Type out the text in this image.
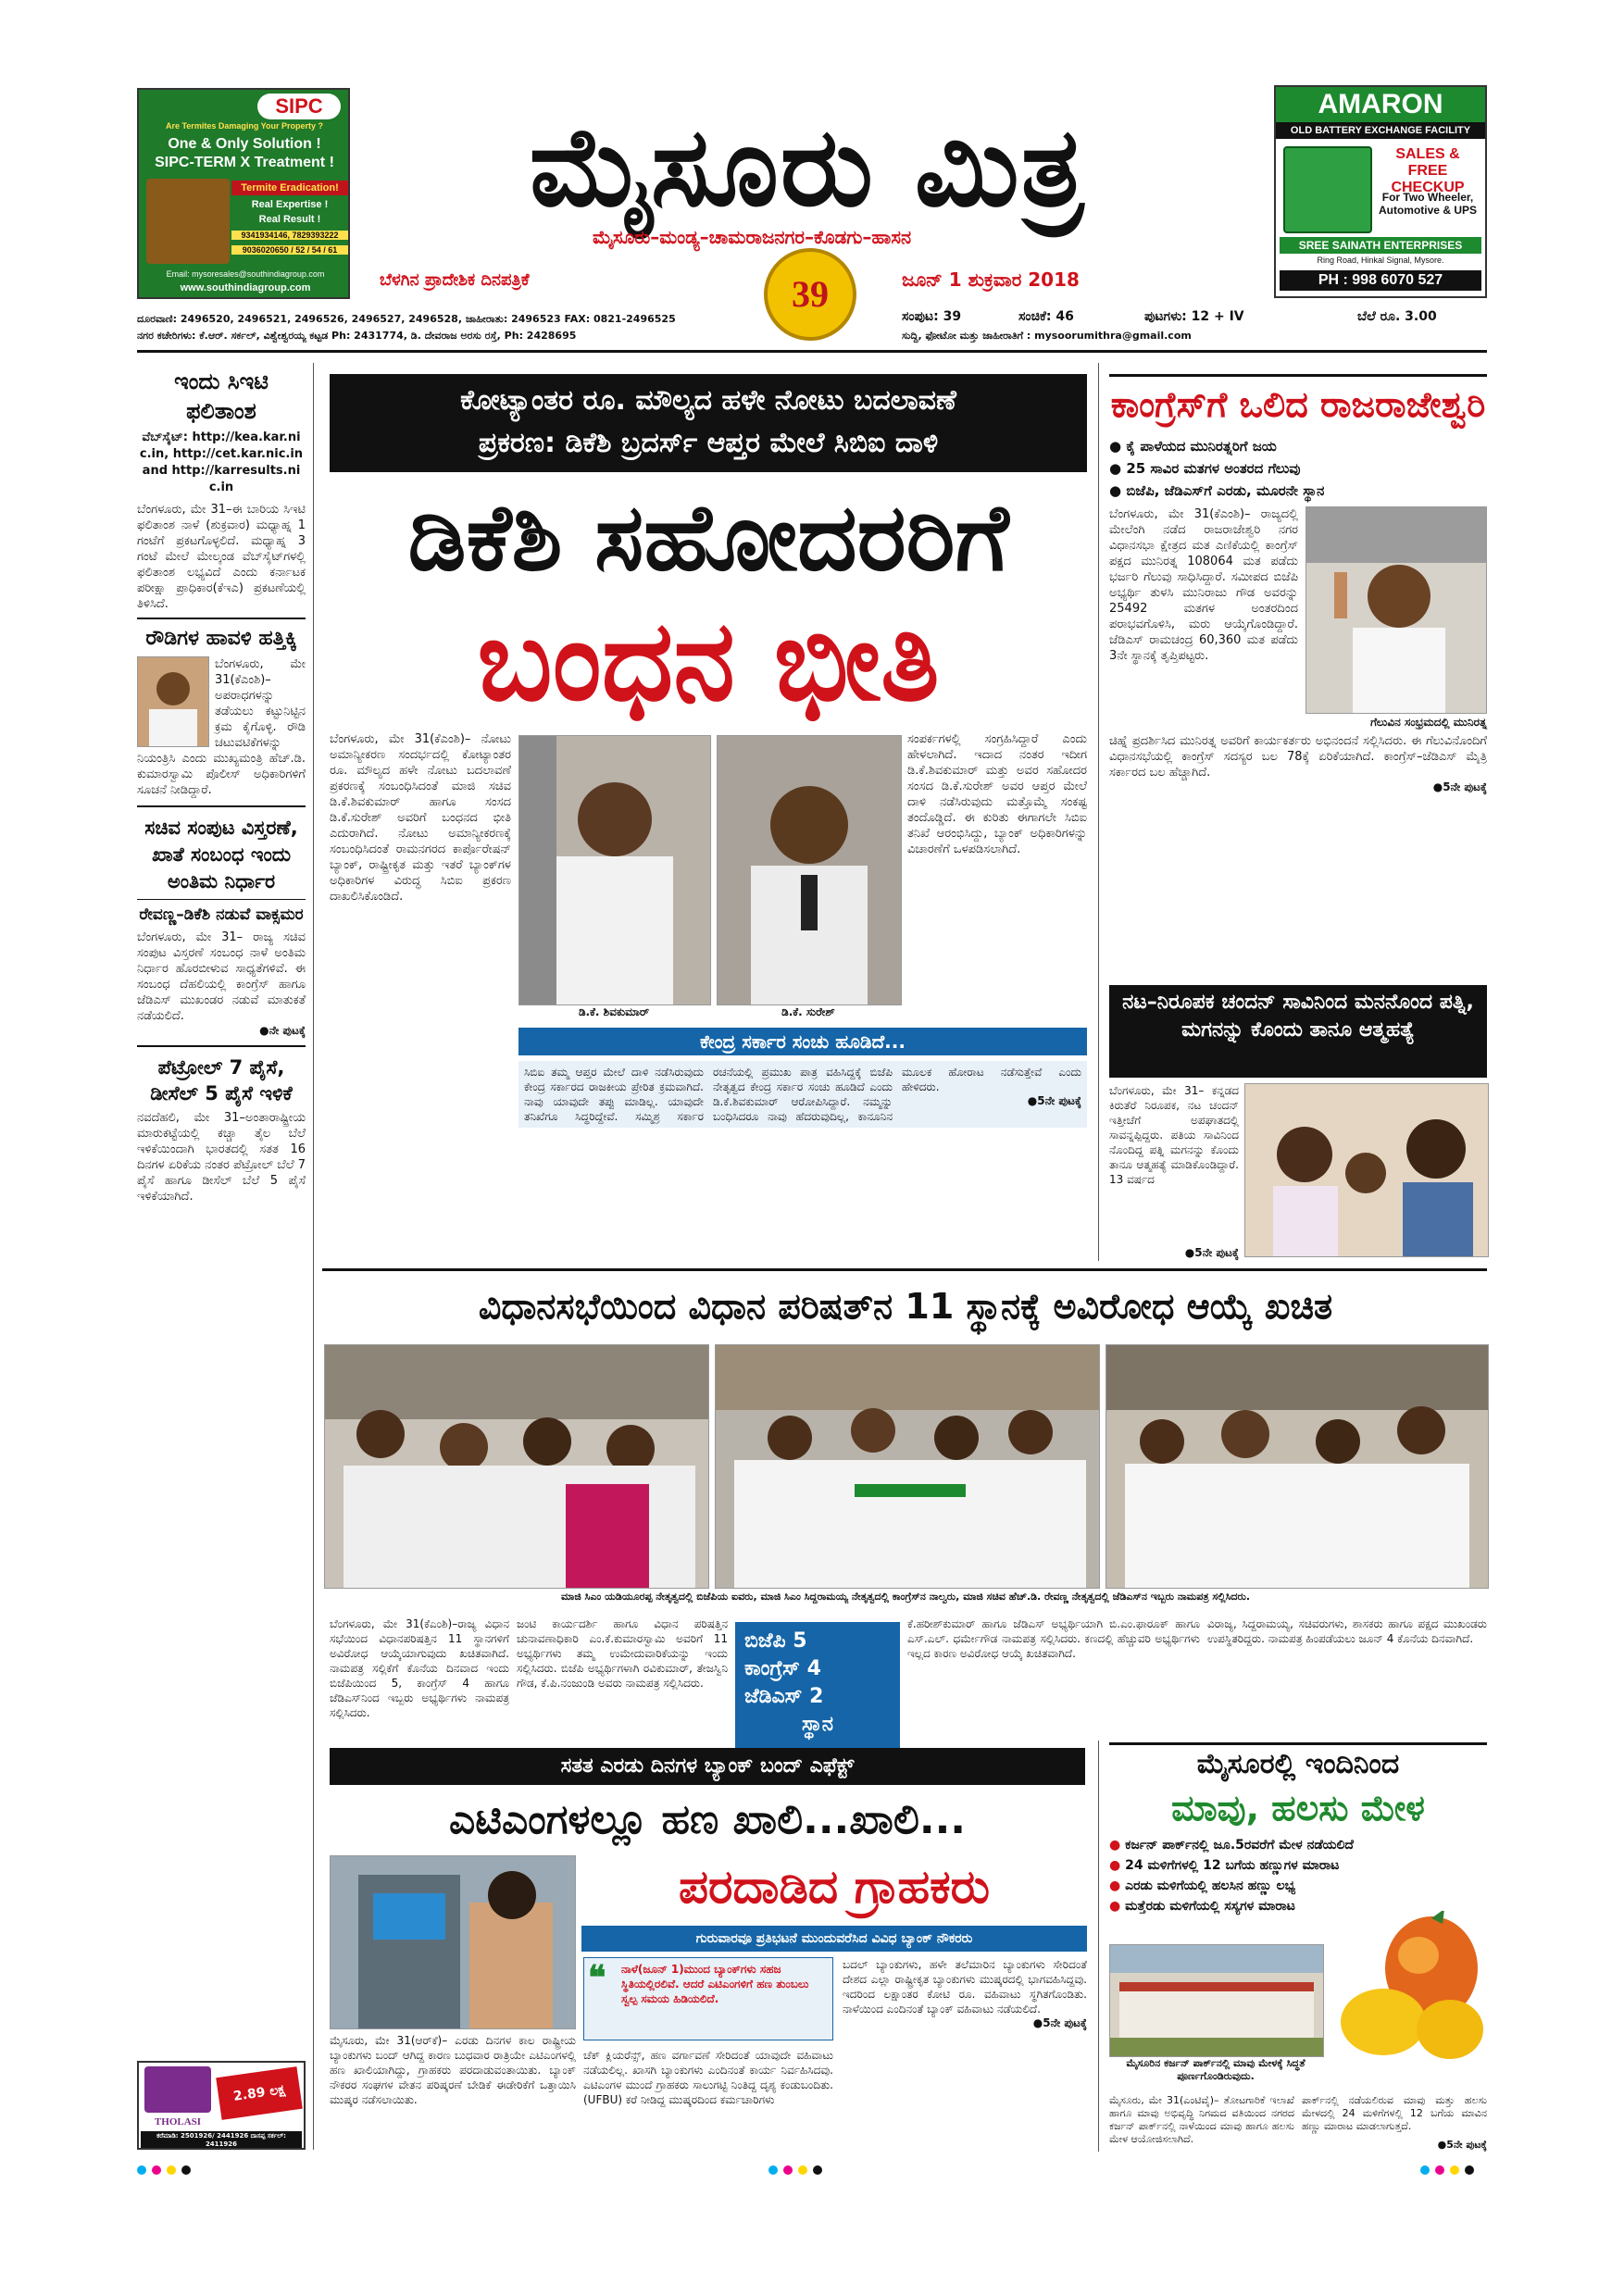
SIPC
Are Termites Damaging Your Property ?
One & Only Solution !
SIPC-TERM X Treatment !
Termite Eradication!
Real Expertise !
Real Result !
9341934146, 7829393222
9036020650 / 52 / 54 / 61
Email: mysoresales@southindiagroup.com
www.southindiagroup.com
ಮೈಸೂರು ಮಿತ್ರ
ಮೈಸೂರು–ಮಂಡ್ಯ–ಚಾಮರಾಜನಗರ–ಕೊಡಗು–ಹಾಸನ
ಬೆಳಗಿನ ಪ್ರಾದೇಶಿಕ ದಿನಪತ್ರಿಕೆ	39	ಜೂನ್ 1 ಶುಕ್ರವಾರ 2018
AMARON
OLD BATTERY EXCHANGE FACILITY
SALES & FREE CHECKUP
For Two Wheeler, Automotive & UPS
SREE SAINATH ENTERPRISES
Ring Road, Hinkal Signal, Mysore.
PH : 998 6070 527
ದೂರವಾಣಿ: 2496520, 2496521, 2496526, 2496527, 2496528, ಜಾಹೀರಾತು: 2496523 FAX: 0821-2496525
ನಗರ ಕಚೇರಿಗಳು: ಕೆ.ಆರ್. ಸರ್ಕಲ್, ವಿಶ್ವೇಶ್ವರಯ್ಯ ಕಟ್ಟಡ Ph: 2431774, ಡಿ. ದೇವರಾಜ ಅರಸು ರಸ್ತೆ, Ph: 2428695
ಸಂಪುಟ: 39	ಸಂಚಿಕೆ: 46	ಪುಟಗಳು: 12 + IV	ಬೆಲೆ ರೂ. 3.00
ಸುದ್ದಿ, ಫೋಟೋ ಮತ್ತು ಜಾಹೀರಾತಿಗೆ : mysoorumithra@gmail.com
ಇಂದು ಸಿಇಟಿ ಫಲಿತಾಂಶ
ವೆಬ್‌ಸೈಟ್: http://kea.kar.nic.in, http://cet.kar.nic.in and http://karresults.nic.in
ಬೆಂಗಳೂರು, ಮೇ 31–ಈ ಬಾರಿಯ ಸಿಇಟಿ ಫಲಿತಾಂಶ ನಾಳೆ (ಶುಕ್ರವಾರ) ಮಧ್ಯಾಹ್ನ 1 ಗಂಟೆಗೆ ಪ್ರಕಟಗೊಳ್ಳಲಿದೆ. ಮಧ್ಯಾಹ್ನ 3 ಗಂಟೆ ಮೇಲೆ ಮೇಲ್ಕಂಡ ವೆಬ್‌ಸೈಟ್‌ಗಳಲ್ಲಿ ಫಲಿತಾಂಶ ಲಭ್ಯವಿದೆ ಎಂದು ಕರ್ನಾಟಕ ಪರೀಕ್ಷಾ ಪ್ರಾಧಿಕಾರ(ಕೆಇಎ) ಪ್ರಕಟಣೆಯಲ್ಲಿ ತಿಳಿಸಿದೆ.
ರೌಡಿಗಳ ಹಾವಳಿ ಹತ್ತಿಕ್ಕಿ
ಬೆಂಗಳೂರು, ಮೇ 31(ಕೆಎಂಶಿ)– ಅಪರಾಧಗಳನ್ನು ತಡೆಯಲು ಕಟ್ಟುನಿಟ್ಟಿನ ಕ್ರಮ ಕೈಗೊಳ್ಳಿ. ರೌಡಿ ಚಟುವಟಿಕೆಗಳನ್ನು ನಿಯಂತ್ರಿಸಿ ಎಂದು ಮುಖ್ಯಮಂತ್ರಿ ಹೆಚ್.ಡಿ. ಕುಮಾರಸ್ವಾಮಿ ಪೊಲೀಸ್ ಅಧಿಕಾರಿಗಳಿಗೆ ಸೂಚನೆ ನೀಡಿದ್ದಾರೆ.
ಸಚಿವ ಸಂಪುಟ ವಿಸ್ತರಣೆ, ಖಾತೆ ಸಂಬಂಧ ಇಂದು ಅಂತಿಮ ನಿರ್ಧಾರ
ರೇವಣ್ಣ–ಡಿಕೆಶಿ ನಡುವೆ ವಾಕ್ಸಮರ
ಬೆಂಗಳೂರು, ಮೇ 31– ರಾಜ್ಯ ಸಚಿವ ಸಂಪುಟ ವಿಸ್ತರಣೆ ಸಂಬಂಧ ನಾಳೆ ಅಂತಿಮ ನಿರ್ಧಾರ ಹೊರಬೀಳುವ ಸಾಧ್ಯತೆಗಳಿವೆ. ಈ ಸಂಬಂಧ ದೆಹಲಿಯಲ್ಲಿ ಕಾಂಗ್ರೆಸ್ ಹಾಗೂ ಜೆಡಿಎಸ್ ಮುಖಂಡರ ನಡುವೆ ಮಾತುಕತೆ ನಡೆಯಲಿದೆ.
●ನೇ ಪುಟಕ್ಕೆ
ಪೆಟ್ರೋಲ್ 7 ಪೈಸೆ, ಡೀಸೆಲ್ 5 ಪೈಸೆ ಇಳಿಕೆ
ನವದೆಹಲಿ, ಮೇ 31–ಅಂತಾರಾಷ್ಟ್ರೀಯ ಮಾರುಕಟ್ಟೆಯಲ್ಲಿ ಕಚ್ಚಾ ತೈಲ ಬೆಲೆ ಇಳಿಕೆಯಿಂದಾಗಿ ಭಾರತದಲ್ಲಿ ಸತತ 16 ದಿನಗಳ ಏರಿಕೆಯ ನಂತರ ಪೆಟ್ರೋಲ್ ಬೆಲೆ 7 ಪೈಸೆ ಹಾಗೂ ಡೀಸೆಲ್ ಬೆಲೆ 5 ಪೈಸೆ ಇಳಿಕೆಯಾಗಿದೆ.
THOLASI
2.89 ಲಕ್ಷ
ಕರೆಮಾಡಿ: 2501926/ 2441926 ದಾಸಪ್ಪ ಸರ್ಕಲ್: 2411926
ಕೋಟ್ಯಾಂತರ ರೂ. ಮೌಲ್ಯದ ಹಳೇ ನೋಟು ಬದಲಾವಣೆ
ಪ್ರಕರಣ: ಡಿಕೆಶಿ ಬ್ರದರ್ಸ್ ಆಪ್ತರ ಮೇಲೆ ಸಿಬಿಐ ದಾಳಿ
ಡಿಕೆಶಿ ಸಹೋದರರಿಗೆ
ಬಂಧನ ಭೀತಿ
ಬೆಂಗಳೂರು, ಮೇ 31(ಕೆಎಂಶಿ)– ನೋಟು ಅಮಾನ್ಯೀಕರಣ ಸಂದರ್ಭದಲ್ಲಿ ಕೋಟ್ಯಾಂತರ ರೂ. ಮೌಲ್ಯದ ಹಳೇ ನೋಟು ಬದಲಾವಣೆ ಪ್ರಕರಣಕ್ಕೆ ಸಂಬಂಧಿಸಿದಂತೆ ಮಾಜಿ ಸಚಿವ ಡಿ.ಕೆ.ಶಿವಕುಮಾರ್ ಹಾಗೂ ಸಂಸದ ಡಿ.ಕೆ.ಸುರೇಶ್ ಅವರಿಗೆ ಬಂಧನದ ಭೀತಿ ಎದುರಾಗಿದೆ. ನೋಟು ಅಮಾನ್ಯೀಕರಣಕ್ಕೆ ಸಂಬಂಧಿಸಿದಂತೆ ರಾಮನಗರದ ಕಾರ್ಪೊರೇಷನ್ ಬ್ಯಾಂಕ್, ರಾಷ್ಟ್ರೀಕೃತ ಮತ್ತು ಇತರೆ ಬ್ಯಾಂಕ್‌ಗಳ ಅಧಿಕಾರಿಗಳ ವಿರುದ್ಧ ಸಿಬಿಐ ಪ್ರಕರಣ ದಾಖಲಿಸಿಕೊಂಡಿದೆ.
ಡಿ.ಕೆ. ಶಿವಕುಮಾರ್	ಡಿ.ಕೆ. ಸುರೇಶ್
ಸಂಪರ್ಕಗಳಲ್ಲಿ ಸಂಗ್ರಹಿಸಿದ್ದಾರೆ ಎಂದು ಹೇಳಲಾಗಿದೆ. ಇದಾದ ನಂತರ ಇದೀಗ ಡಿ.ಕೆ.ಶಿವಕುಮಾರ್ ಮತ್ತು ಅವರ ಸಹೋದರ ಸಂಸದ ಡಿ.ಕೆ.ಸುರೇಶ್ ಅವರ ಆಪ್ತರ ಮೇಲೆ ದಾಳಿ ನಡೆಸಿರುವುದು ಮತ್ತೊಮ್ಮೆ ಸಂಕಷ್ಟ ತಂದೊಡ್ಡಿದೆ. ಈ ಕುರಿತು ಈಗಾಗಲೇ ಸಿಬಿಐ ತನಿಖೆ ಆರಂಭಿಸಿದ್ದು, ಬ್ಯಾಂಕ್ ಅಧಿಕಾರಿಗಳನ್ನು ವಿಚಾರಣೆಗೆ ಒಳಪಡಿಸಲಾಗಿದೆ.
ಕೇಂದ್ರ ಸರ್ಕಾರ ಸಂಚು ಹೂಡಿದೆ...
ಸಿಬಿಐ ತಮ್ಮ ಆಪ್ತರ ಮೇಲೆ ದಾಳಿ ನಡೆಸಿರುವುದು ಕೇಂದ್ರ ಸರ್ಕಾರದ ರಾಜಕೀಯ ಪ್ರೇರಿತ ಕ್ರಮವಾಗಿದೆ. ನಾವು ಯಾವುದೇ ತಪ್ಪು ಮಾಡಿಲ್ಲ. ಯಾವುದೇ ತನಿಖೆಗೂ ಸಿದ್ಧರಿದ್ದೇವೆ. ಸಮ್ಮಿಶ್ರ ಸರ್ಕಾರ ರಚನೆಯಲ್ಲಿ ಪ್ರಮುಖ ಪಾತ್ರ ವಹಿಸಿದ್ದಕ್ಕೆ ಬಿಜೆಪಿ ನೇತೃತ್ವದ ಕೇಂದ್ರ ಸರ್ಕಾರ ಸಂಚು ಹೂಡಿದೆ ಎಂದು ಡಿ.ಕೆ.ಶಿವಕುಮಾರ್ ಆರೋಪಿಸಿದ್ದಾರೆ. ನಮ್ಮನ್ನು ಬಂಧಿಸಿದರೂ ನಾವು ಹೆದರುವುದಿಲ್ಲ, ಕಾನೂನಿನ ಮೂಲಕ ಹೋರಾಟ ನಡೆಸುತ್ತೇವೆ ಎಂದು ಹೇಳಿದರು.
●5ನೇ ಪುಟಕ್ಕೆ
ಕಾಂಗ್ರೆಸ್‌ಗೆ ಒಲಿದ ರಾಜರಾಜೇಶ್ವರಿ
● ಕೈ ಪಾಳೆಯದ ಮುನಿರತ್ನರಿಗೆ ಜಯ
● 25 ಸಾವಿರ ಮತಗಳ ಅಂತರದ ಗೆಲುವು
● ಬಿಜೆಪಿ, ಜೆಡಿಎಸ್‌ಗೆ ಎರಡು, ಮೂರನೇ ಸ್ಥಾನ
ಬೆಂಗಳೂರು, ಮೇ 31(ಕೆಎಂಶಿ)– ರಾಜ್ಯದಲ್ಲಿ ಮೇಲೆಂಗಿ ನಡೆದ ರಾಜರಾಜೇಶ್ವರಿ ನಗರ ವಿಧಾನಸಭಾ ಕ್ಷೇತ್ರದ ಮತ ಎಣಿಕೆಯಲ್ಲಿ ಕಾಂಗ್ರೆಸ್ ಪಕ್ಷದ ಮುನಿರತ್ನ 108064 ಮತ ಪಡೆದು ಭರ್ಜರಿ ಗೆಲುವು ಸಾಧಿಸಿದ್ದಾರೆ. ಸಮೀಪದ ಬಿಜೆಪಿ ಅಭ್ಯರ್ಥಿ ತುಳಸಿ ಮುನಿರಾಜು ಗೌಡ ಅವರನ್ನು 25492 ಮತಗಳ ಅಂತರದಿಂದ ಪರಾಭವಗೊಳಿಸಿ, ಮರು ಆಯ್ಕೆಗೊಂಡಿದ್ದಾರೆ. ಜೆಡಿಎಸ್ ರಾಮಚಂದ್ರ 60,360 ಮತ ಪಡೆದು 3ನೇ ಸ್ಥಾನಕ್ಕೆ ತೃಪ್ತಿಪಟ್ಟರು.
ಗೆಲುವಿನ ಸಂಭ್ರಮದಲ್ಲಿ ಮುನಿರತ್ನ
ಚಿಹ್ನೆ ಪ್ರದರ್ಶಿಸಿದ ಮುನಿರತ್ನ ಅವರಿಗೆ ಕಾರ್ಯಕರ್ತರು ಅಭಿನಂದನೆ ಸಲ್ಲಿಸಿದರು. ಈ ಗೆಲುವಿನೊಂದಿಗೆ ವಿಧಾನಸಭೆಯಲ್ಲಿ ಕಾಂಗ್ರೆಸ್ ಸದಸ್ಯರ ಬಲ 78ಕ್ಕೆ ಏರಿಕೆಯಾಗಿದೆ. ಕಾಂಗ್ರೆಸ್–ಜೆಡಿಎಸ್ ಮೈತ್ರಿ ಸರ್ಕಾರದ ಬಲ ಹೆಚ್ಚಾಗಿದೆ.
●5ನೇ ಪುಟಕ್ಕೆ
ನಟ–ನಿರೂಪಕ ಚಂದನ್ ಸಾವಿನಿಂದ ಮನನೊಂದ ಪತ್ನಿ, ಮಗನನ್ನು ಕೊಂದು ತಾನೂ ಆತ್ಮಹತ್ಯೆ
ಬೆಂಗಳೂರು, ಮೇ 31– ಕನ್ನಡದ ಕಿರುತೆರೆ ನಿರೂಪಕ, ನಟ ಚಂದನ್ ಇತ್ತೀಚೆಗೆ ಅಪಘಾತದಲ್ಲಿ ಸಾವನ್ನಪ್ಪಿದ್ದರು. ಪತಿಯ ಸಾವಿನಿಂದ ನೊಂದಿದ್ದ ಪತ್ನಿ ಮಗನನ್ನು ಕೊಂದು ತಾನೂ ಆತ್ಮಹತ್ಯೆ ಮಾಡಿಕೊಂಡಿದ್ದಾರೆ. 13 ವರ್ಷದ
●5ನೇ ಪುಟಕ್ಕೆ
ವಿಧಾನಸಭೆಯಿಂದ ವಿಧಾನ ಪರಿಷತ್‌ನ 11 ಸ್ಥಾನಕ್ಕೆ ಅವಿರೋಧ ಆಯ್ಕೆ ಖಚಿತ
ಮಾಜಿ ಸಿಎಂ ಯಡಿಯೂರಪ್ಪ ನೇತೃತ್ವದಲ್ಲಿ ಬಿಜೆಪಿಯ ಐವರು, ಮಾಜಿ ಸಿಎಂ ಸಿದ್ದರಾಮಯ್ಯ ನೇತೃತ್ವದಲ್ಲಿ ಕಾಂಗ್ರೆಸ್‌ನ ನಾಲ್ವರು, ಮಾಜಿ ಸಚಿವ ಹೆಚ್.ಡಿ. ರೇವಣ್ಣ ನೇತೃತ್ವದಲ್ಲಿ ಜೆಡಿಎಸ್‌ನ ಇಬ್ಬರು ನಾಮಪತ್ರ ಸಲ್ಲಿಸಿದರು.
ಬೆಂಗಳೂರು, ಮೇ 31(ಕೆಎಂಶಿ)–ರಾಜ್ಯ ವಿಧಾನ ಸಭೆಯಿಂದ ವಿಧಾನಪರಿಷತ್ತಿನ 11 ಸ್ಥಾನಗಳಿಗೆ ಅವಿರೋಧ ಆಯ್ಕೆಯಾಗುವುದು ಖಚಿತವಾಗಿದೆ. ನಾಮಪತ್ರ ಸಲ್ಲಿಕೆಗೆ ಕೊನೆಯ ದಿನವಾದ ಇಂದು ಬಿಜೆಪಿಯಿಂದ 5, ಕಾಂಗ್ರೆಸ್ 4 ಹಾಗೂ ಜೆಡಿಎಸ್‌ನಿಂದ ಇಬ್ಬರು ಅಭ್ಯರ್ಥಿಗಳು ನಾಮಪತ್ರ ಸಲ್ಲಿಸಿದರು.
ಜಂಟಿ ಕಾರ್ಯದರ್ಶಿ ಹಾಗೂ ವಿಧಾನ ಪರಿಷತ್ತಿನ ಚುನಾವಣಾಧಿಕಾರಿ ಎಂ.ಕೆ.ಕುಮಾರಸ್ವಾಮಿ ಅವರಿಗೆ 11 ಅಭ್ಯರ್ಥಿಗಳು ತಮ್ಮ ಉಮೇದುವಾರಿಕೆಯನ್ನು ಇಂದು ಸಲ್ಲಿಸಿದರು. ಬಿಜೆಪಿ ಅಭ್ಯರ್ಥಿಗಳಾಗಿ ರವಿಕುಮಾರ್, ತೇಜಸ್ವಿನಿ ಗೌಡ, ಕೆ.ಪಿ.ನಂಜುಂಡಿ ಅವರು ನಾಮಪತ್ರ ಸಲ್ಲಿಸಿದರು.
ಬಿಜೆಪಿ 5
ಕಾಂಗ್ರೆಸ್ 4
ಜೆಡಿಎಸ್ 2
ಸ್ಥಾನ
ಕೆ.ಹರೀಶ್‌ಕುಮಾರ್ ಹಾಗೂ ಜೆಡಿಎಸ್ ಅಭ್ಯರ್ಥಿಯಾಗಿ ಬಿ.ಎಂ.ಫಾರೂಕ್ ಹಾಗೂ ಎಸ್.ಎಲ್. ಧರ್ಮೇಗೌಡ ನಾಮಪತ್ರ ಸಲ್ಲಿಸಿದರು. ಕಣದಲ್ಲಿ ಹೆಚ್ಚುವರಿ ಅಭ್ಯರ್ಥಿಗಳು ಇಲ್ಲದ ಕಾರಣ ಅವಿರೋಧ ಆಯ್ಕೆ ಖಚಿತವಾಗಿದೆ.
ವಿರಾಜ್ಯ, ಸಿದ್ದರಾಮಯ್ಯ, ಸಚಿವರುಗಳು, ಶಾಸಕರು ಹಾಗೂ ಪಕ್ಷದ ಮುಖಂಡರು ಉಪಸ್ಥಿತರಿದ್ದರು. ನಾಮಪತ್ರ ಹಿಂಪಡೆಯಲು ಜೂನ್ 4 ಕೊನೆಯ ದಿನವಾಗಿದೆ.
ಸತತ ಎರಡು ದಿನಗಳ ಬ್ಯಾಂಕ್ ಬಂದ್ ಎಫೆಕ್ಟ್
ಎಟಿಎಂಗಳಲ್ಲೂ ಹಣ ಖಾಲಿ...ಖಾಲಿ...
ಪರದಾಡಿದ ಗ್ರಾಹಕರು
ಗುರುವಾರವೂ ಪ್ರತಿಭಟನೆ ಮುಂದುವರೆಸಿದ ವಿವಿಧ ಬ್ಯಾಂಕ್ ನೌಕರರು
❝	ನಾಳೆ(ಜೂನ್ 1)ಮುಂದ ಬ್ಯಾಂಕ್‌ಗಳು ಸಹಜ ಸ್ಥಿತಿಯಲ್ಲಿರಲಿವೆ. ಆದರೆ ಎಟಿಎಂಗಳಿಗೆ ಹಣ ತುಂಬಲು ಸ್ವಲ್ಪ ಸಮಯ ಹಿಡಿಯಲಿದೆ.
ಬದಲ್ ಬ್ಯಾಂಕುಗಳು, ಹಳೇ ತಲೆಮಾರಿನ ಬ್ಯಾಂಕುಗಳು ಸೇರಿದಂತೆ ದೇಶದ ಎಲ್ಲಾ ರಾಷ್ಟ್ರೀಕೃತ ಬ್ಯಾಂಕುಗಳು ಮುಷ್ಕರದಲ್ಲಿ ಭಾಗವಹಿಸಿದ್ದವು. ಇದರಿಂದ ಲಕ್ಷಾಂತರ ಕೋಟಿ ರೂ. ವಹಿವಾಟು ಸ್ಥಗಿತಗೊಂಡಿತು. ನಾಳೆಯಿಂದ ಎಂದಿನಂತೆ ಬ್ಯಾಂಕ್ ವಹಿವಾಟು ನಡೆಯಲಿದೆ.
●5ನೇ ಪುಟಕ್ಕೆ
ಮೈಸೂರು, ಮೇ 31(ಆರ್‌ಕೆ)– ಎರಡು ದಿನಗಳ ಕಾಲ ರಾಷ್ಟ್ರೀಯ ಬ್ಯಾಂಕುಗಳು ಬಂದ್ ಆಗಿದ್ದ ಕಾರಣ ಬುಧವಾರ ರಾತ್ರಿಯೇ ಎಟಿಎಂಗಳಲ್ಲಿ ಹಣ ಖಾಲಿಯಾಗಿದ್ದು, ಗ್ರಾಹಕರು ಪರದಾಡುವಂತಾಯಿತು. ಬ್ಯಾಂಕ್ ನೌಕರರ ಸಂಘಗಳ ವೇತನ ಪರಿಷ್ಕರಣೆ ಬೇಡಿಕೆ ಈಡೇರಿಕೆಗೆ ಒತ್ತಾಯಿಸಿ ಮುಷ್ಕರ ನಡೆಸಲಾಯಿತು.
ಚೆಕ್ ಕ್ಲಿಯರೆನ್ಸ್, ಹಣ ವರ್ಗಾವಣೆ ಸೇರಿದಂತೆ ಯಾವುದೇ ವಹಿವಾಟು ನಡೆಯಲಿಲ್ಲ. ಖಾಸಗಿ ಬ್ಯಾಂಕುಗಳು ಎಂದಿನಂತೆ ಕಾರ್ಯ ನಿರ್ವಹಿಸಿದವು. ಎಟಿಎಂಗಳ ಮುಂದೆ ಗ್ರಾಹಕರು ಸಾಲುಗಟ್ಟಿ ನಿಂತಿದ್ದ ದೃಶ್ಯ ಕಂಡುಬಂದಿತು. (UFBU) ಕರೆ ನೀಡಿದ್ದ ಮುಷ್ಕರದಿಂದ ಕರ್ಮಚಾರಿಗಳು
ಮೈಸೂರಲ್ಲಿ ಇಂದಿನಿಂದ
ಮಾವು, ಹಲಸು ಮೇಳ
● ಕರ್ಜನ್ ಪಾರ್ಕ್‌ನಲ್ಲಿ ಜೂ.5ರವರೆಗೆ ಮೇಳ ನಡೆಯಲಿದೆ
● 24 ಮಳಿಗೆಗಳಲ್ಲಿ 12 ಬಗೆಯ ಹಣ್ಣುಗಳ ಮಾರಾಟ
● ಎರಡು ಮಳಿಗೆಯಲ್ಲಿ ಹಲಸಿನ ಹಣ್ಣು ಲಭ್ಯ
● ಮತ್ತೆರಡು ಮಳಿಗೆಯಲ್ಲಿ ಸಸ್ಯಗಳ ಮಾರಾಟ
ಮೈಸೂರಿನ ಕರ್ಜನ್ ಪಾರ್ಕ್‌ನಲ್ಲಿ ಮಾವು ಮೇಳಕ್ಕೆ ಸಿದ್ಧತೆ ಪೂರ್ಣಗೊಂಡಿರುವುದು.
ಮೈಸೂರು, ಮೇ 31(ಎಂಟಿವೈ)– ತೋಟಗಾರಿಕೆ ಇಲಾಖೆ ಹಾಗೂ ಮಾವು ಅಭಿವೃದ್ಧಿ ನಿಗಮದ ವತಿಯಿಂದ ನಗರದ ಕರ್ಜನ್ ಪಾರ್ಕ್‌ನಲ್ಲಿ ನಾಳೆಯಿಂದ ಮಾವು ಹಾಗೂ ಹಲಸು ಮೇಳ ಆಯೋಜಿಸಲಾಗಿದೆ.
ಪಾರ್ಕ್‌ನಲ್ಲಿ ನಡೆಯಲಿರುವ ಮಾವು ಮತ್ತು ಹಲಸು ಮೇಳದಲ್ಲಿ 24 ಮಳಿಗೆಗಳಲ್ಲಿ 12 ಬಗೆಯ ಮಾವಿನ ಹಣ್ಣು ಮಾರಾಟ ಮಾಡಲಾಗುತ್ತದೆ.
●5ನೇ ಪುಟಕ್ಕೆ
